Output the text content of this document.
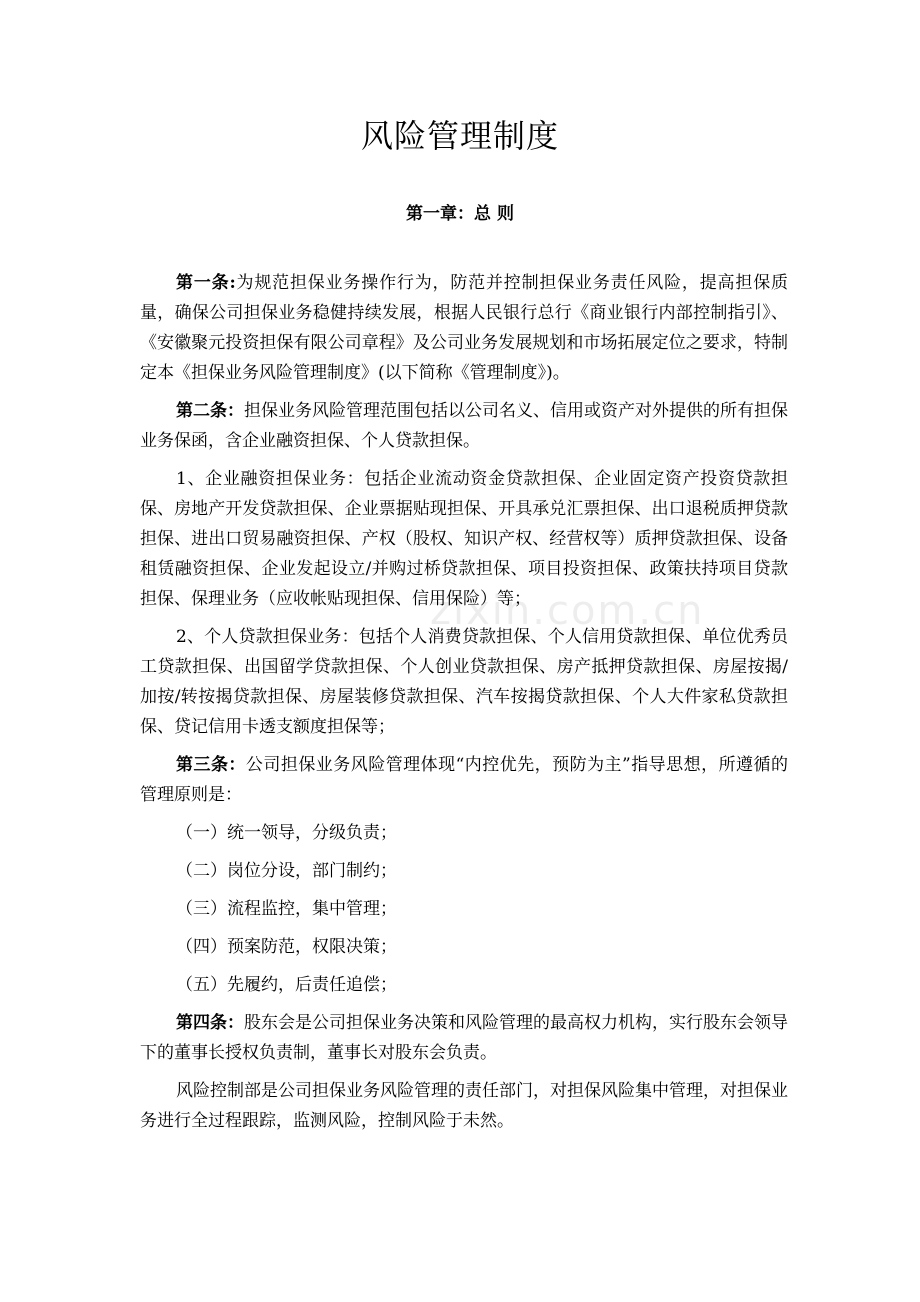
风险管理制度
第一章：总 则

第一条:为规范担保业务操作行为，防范并控制担保业务责任风险，提高担保质量，确保公司担保业务稳健持续发展，根据人民银行总行《商业银行内部控制指引》、《安徽聚元投资担保有限公司章程》及公司业务发展规划和市场拓展定位之要求，特制定本《担保业务风险管理制度》(以下简称《管理制度》)。

第二条：担保业务风险管理范围包括以公司名义、信用或资产对外提供的所有担保业务保函，含企业融资担保、个人贷款担保。

1、企业融资担保业务：包括企业流动资金贷款担保、企业固定资产投资贷款担保、房地产开发贷款担保、企业票据贴现担保、开具承兑汇票担保、出口退税质押贷款担保、进出口贸易融资担保、产权（股权、知识产权、经营权等）质押贷款担保、设备租赁融资担保、企业发起设立/并购过桥贷款担保、项目投资担保、政策扶持项目贷款担保、保理业务（应收帐贴现担保、信用保险）等；

2、个人贷款担保业务：包括个人消费贷款担保、个人信用贷款担保、单位优秀员工贷款担保、出国留学贷款担保、个人创业贷款担保、房产抵押贷款担保、房屋按揭/加按/转按揭贷款担保、房屋装修贷款担保、汽车按揭贷款担保、个人大件家私贷款担保、贷记信用卡透支额度担保等；

第三条：公司担保业务风险管理体现“内控优先，预防为主”指导思想，所遵循的管理原则是：

（一）统一领导，分级负责；

（二）岗位分设，部门制约；

（三）流程监控，集中管理；

（四）预案防范，权限决策；

（五）先履约，后责任追偿；

第四条：股东会是公司担保业务决策和风险管理的最高权力机构，实行股东会领导下的董事长授权负责制，董事长对股东会负责。

风险控制部是公司担保业务风险管理的责任部门，对担保风险集中管理，对担保业务进行全过程跟踪，监测风险，控制风险于未然。

zixin.com.cn
